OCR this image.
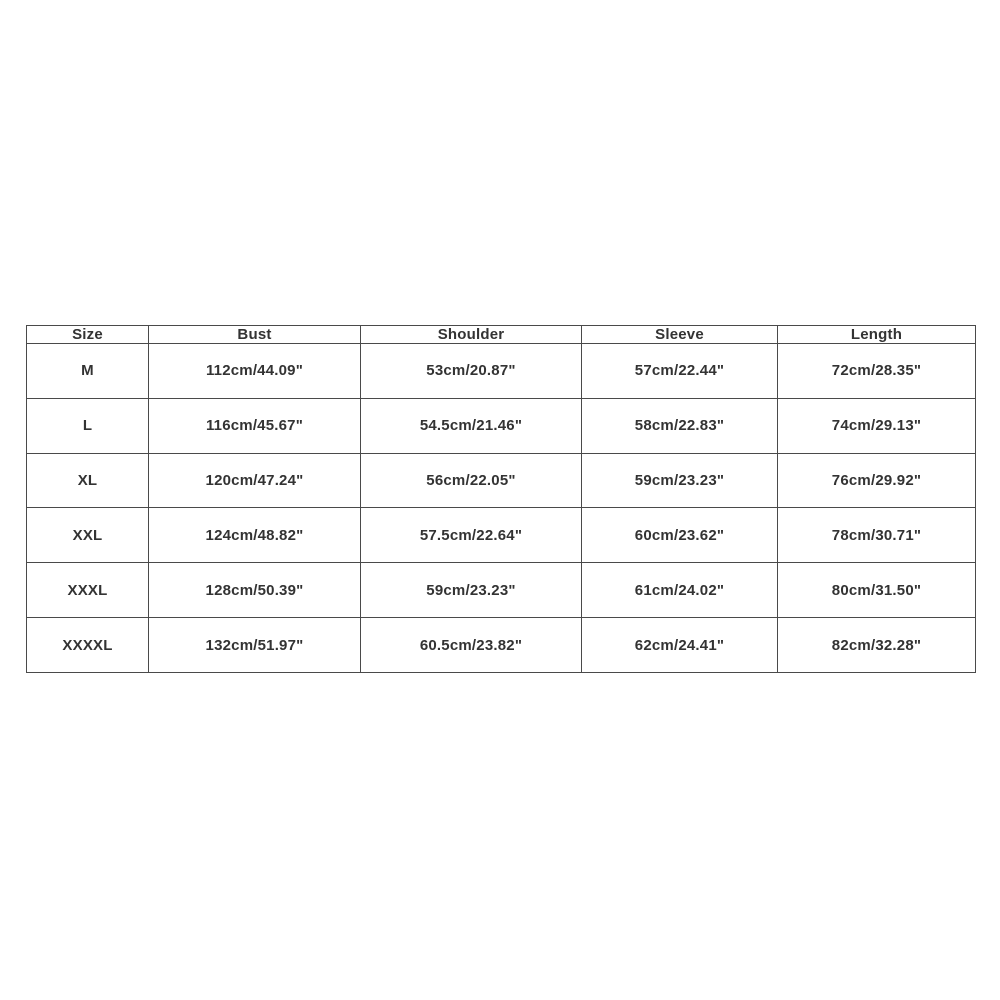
Size	Bust	Shoulder	Sleeve	Length
M	112cm/44.09"	53cm/20.87"	57cm/22.44"	72cm/28.35"
L	116cm/45.67"	54.5cm/21.46"	58cm/22.83"	74cm/29.13"
XL	120cm/47.24"	56cm/22.05"	59cm/23.23"	76cm/29.92"
XXL	124cm/48.82"	57.5cm/22.64"	60cm/23.62"	78cm/30.71"
XXXL	128cm/50.39"	59cm/23.23"	61cm/24.02"	80cm/31.50"
XXXXL	132cm/51.97"	60.5cm/23.82"	62cm/24.41"	82cm/32.28"
